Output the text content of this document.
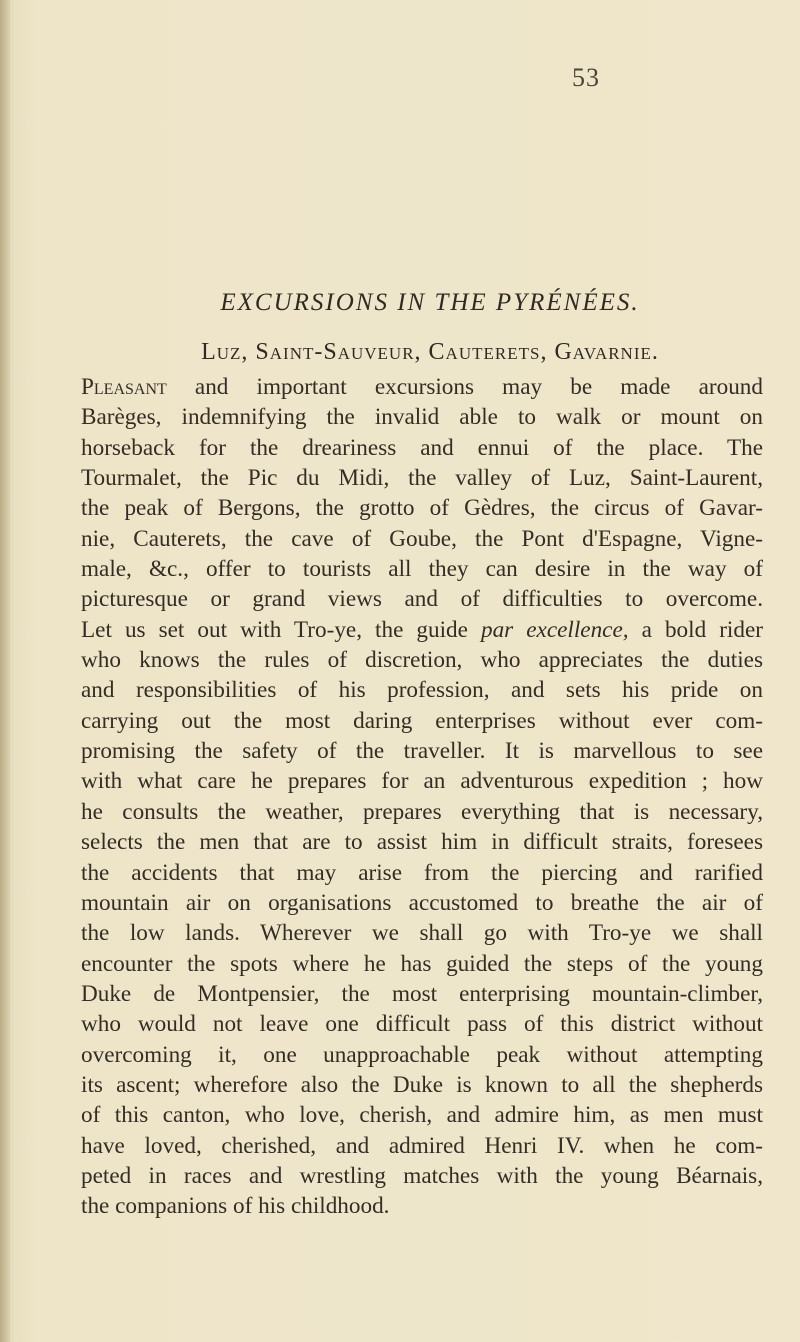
53
EXCURSIONS IN THE PYRÉNÉES.
Luz, Saint-Sauveur, Cauterets, Gavarnie.
Pleasant and important excursions may be made around
Barèges, indemnifying the invalid able to walk or mount on
horseback for the dreariness and ennui of the place. The
Tourmalet, the Pic du Midi, the valley of Luz, Saint-Laurent,
the peak of Bergons, the grotto of Gèdres, the circus of Gavar-
nie, Cauterets, the cave of Goube, the Pont d'Espagne, Vigne-
male, &c., offer to tourists all they can desire in the way of
picturesque or grand views and of difficulties to overcome.
Let us set out with Tro-ye, the guide par excellence, a bold rider
who knows the rules of discretion, who appreciates the duties
and responsibilities of his profession, and sets his pride on
carrying out the most daring enterprises without ever com-
promising the safety of the traveller. It is marvellous to see
with what care he prepares for an adventurous expedition ; how
he consults the weather, prepares everything that is necessary,
selects the men that are to assist him in difficult straits, foresees
the accidents that may arise from the piercing and rarified
mountain air on organisations accustomed to breathe the air of
the low lands. Wherever we shall go with Tro-ye we shall
encounter the spots where he has guided the steps of the young
Duke de Montpensier, the most enterprising mountain-climber,
who would not leave one difficult pass of this district without
overcoming it, one unapproachable peak without attempting
its ascent; wherefore also the Duke is known to all the shepherds
of this canton, who love, cherish, and admire him, as men must
have loved, cherished, and admired Henri IV. when he com-
peted in races and wrestling matches with the young Béarnais,
the companions of his childhood.
